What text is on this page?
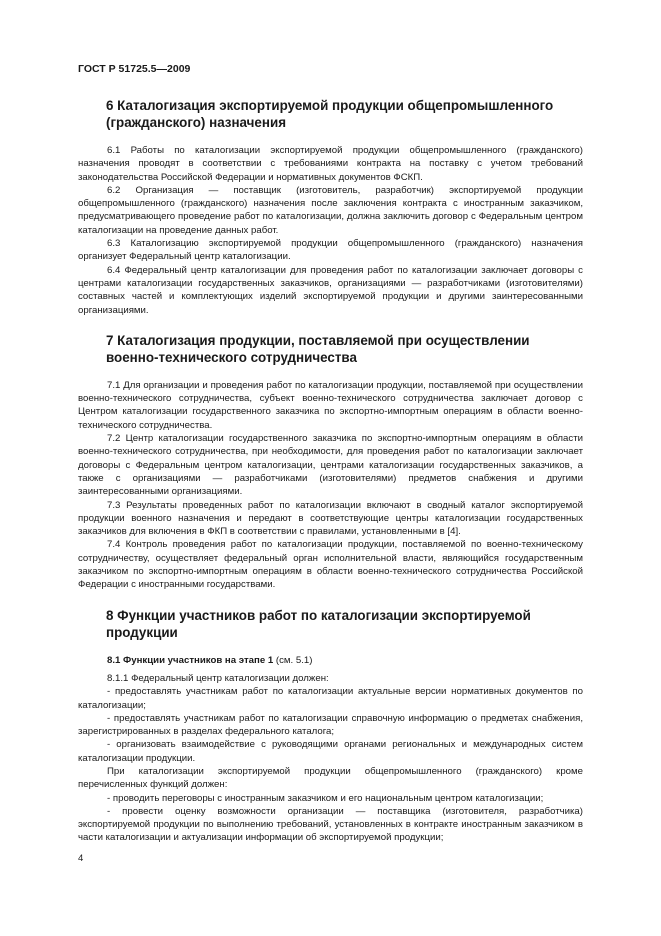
ГОСТ Р 51725.5—2009
6 Каталогизация экспортируемой продукции общепромышленного
(гражданского) назначения

6.1 Работы по каталогизации экспортируемой продукции общепромышленного (гражданского) назначения проводят в соответствии с требованиями контракта на поставку с учетом требований законодательства Российской Федерации и нормативных документов ФСКП.

6.2 Организация — поставщик (изготовитель, разработчик) экспортируемой продукции общепромышленного (гражданского) назначения после заключения контракта с иностранным заказчиком, предусматривающего проведение работ по каталогизации, должна заключить договор с Федеральным центром каталогизации на проведение данных работ.

6.3 Каталогизацию экспортируемой продукции общепромышленного (гражданского) назначения организует Федеральный центр каталогизации.

6.4 Федеральный центр каталогизации для проведения работ по каталогизации заключает договоры с центрами каталогизации государственных заказчиков, организациями — разработчиками (изготовителями) составных частей и комплектующих изделий экспортируемой продукции и другими заинтересованными организациями.

7 Каталогизация продукции, поставляемой при осуществлении
военно-технического сотрудничества

7.1 Для организации и проведения работ по каталогизации продукции, поставляемой при осуществлении военно-технического сотрудничества, субъект военно-технического сотрудничества заключает договор с Центром каталогизации государственного заказчика по экспортно-импортным операциям в области военно-технического сотрудничества.

7.2 Центр каталогизации государственного заказчика по экспортно-импортным операциям в области военно-технического сотрудничества, при необходимости, для проведения работ по каталогизации заключает договоры с Федеральным центром каталогизации, центрами каталогизации государственных заказчиков, а также с организациями — разработчиками (изготовителями) предметов снабжения и другими заинтересованными организациями.

7.3 Результаты проведенных работ по каталогизации включают в сводный каталог экспортируемой продукции военного назначения и передают в соответствующие центры каталогизации государственных заказчиков для включения в ФКП в соответствии с правилами, установленными в [4].

7.4 Контроль проведения работ по каталогизации продукции, поставляемой по военно-техническому сотрудничеству, осуществляет федеральный орган исполнительной власти, являющийся государственным заказчиком по экспортно-импортным операциям в области военно-технического сотрудничества Российской Федерации с иностранными государствами.

8 Функции участников работ по каталогизации экспортируемой продукции

8.1 Функции участников на этапе 1 (см. 5.1)

8.1.1 Федеральный центр каталогизации должен:

- предоставлять участникам работ по каталогизации актуальные версии нормативных документов по каталогизации;

- предоставлять участникам работ по каталогизации справочную информацию о предметах снабжения, зарегистрированных в разделах федерального каталога;

- организовать взаимодействие с руководящими органами региональных и международных систем каталогизации продукции.

При каталогизации экспортируемой продукции общепромышленного (гражданского) кроме перечисленных функций должен:

- проводить переговоры с иностранным заказчиком и его национальным центром каталогизации;

- провести оценку возможности организации — поставщика (изготовителя, разработчика) экспортируемой продукции по выполнению требований, установленных в контракте иностранным заказчиком в части каталогизации и актуализации информации об экспортируемой продукции;

4
